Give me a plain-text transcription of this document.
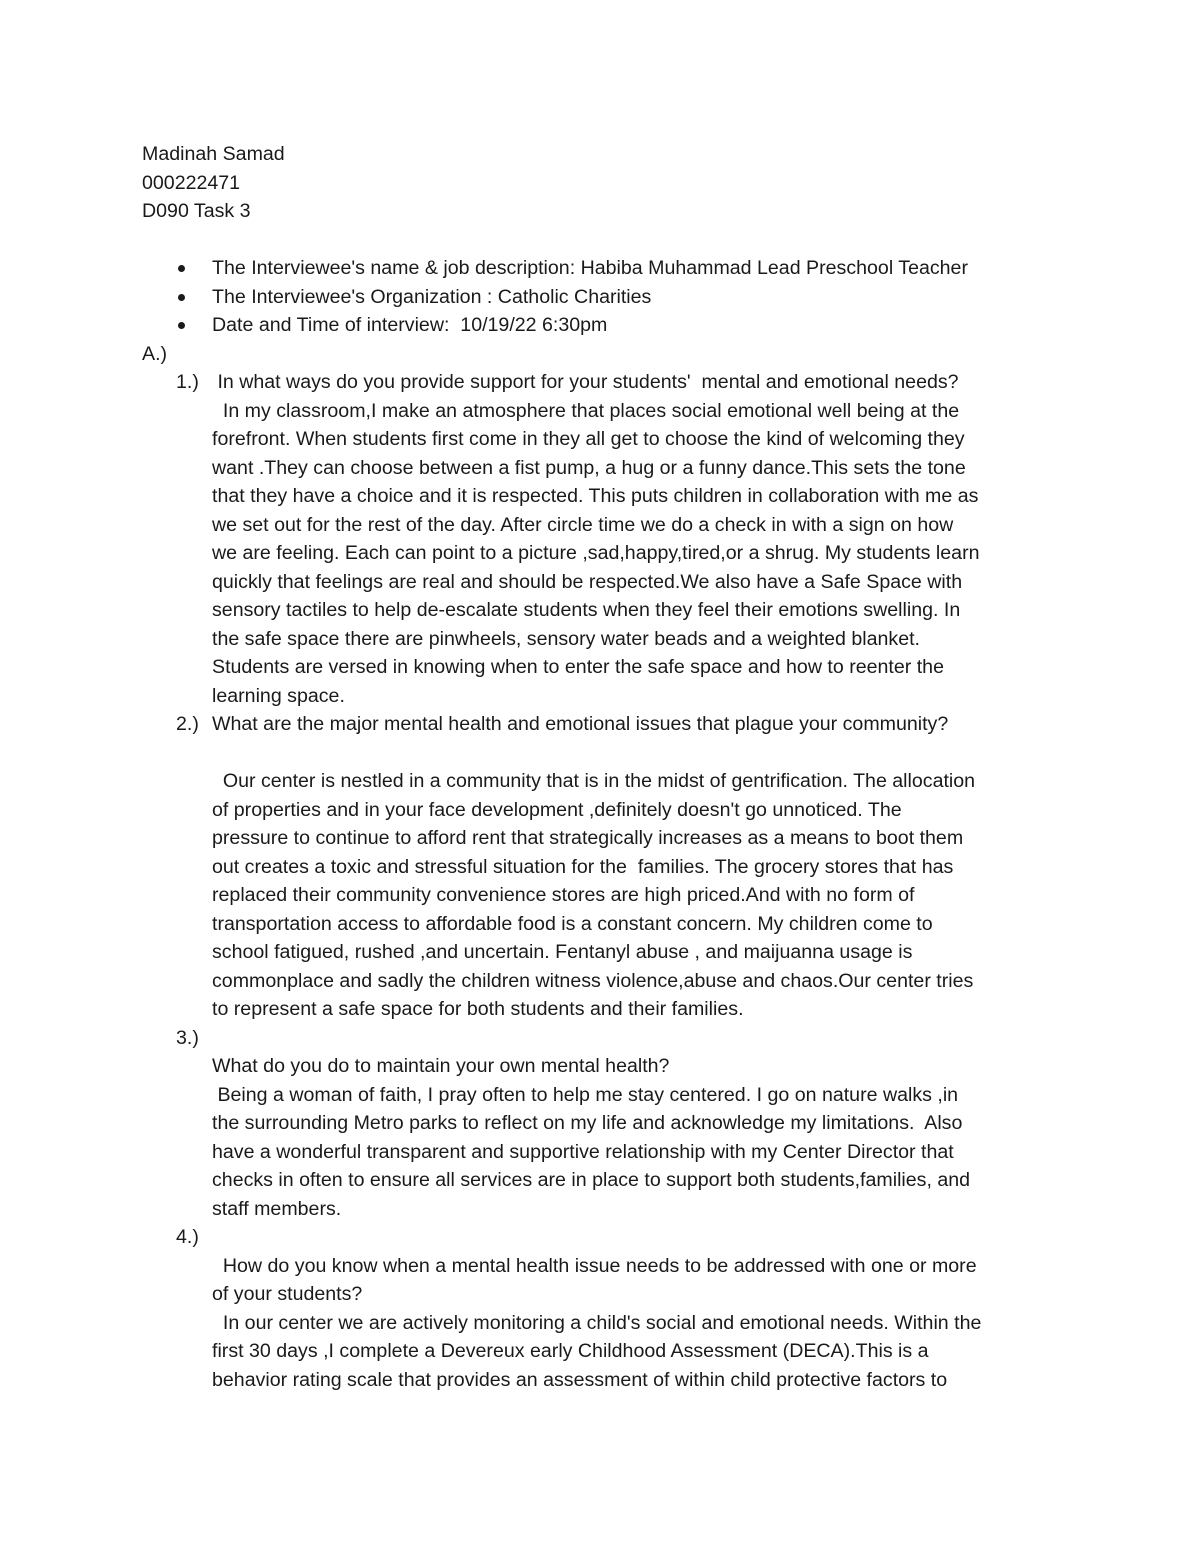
Madinah Samad

000222471

D090 Task 3

The Interviewee's name & job description: Habiba Muhammad Lead Preschool Teacher

The Interviewee's Organization : Catholic Charities

Date and Time of interview:  10/19/22 6:30pm

A.)

1.) In what ways do you provide support for your students'  mental and emotional needs?

In my classroom,I make an atmosphere that places social emotional well being at the

forefront. When students first come in they all get to choose the kind of welcoming they

want .They can choose between a fist pump, a hug or a funny dance.This sets the tone

that they have a choice and it is respected. This puts children in collaboration with me as

we set out for the rest of the day. After circle time we do a check in with a sign on how

we are feeling. Each can point to a picture ,sad,happy,tired,or a shrug. My students learn

quickly that feelings are real and should be respected.We also have a Safe Space with

sensory tactiles to help de-escalate students when they feel their emotions swelling. In

the safe space there are pinwheels, sensory water beads and a weighted blanket.

Students are versed in knowing when to enter the safe space and how to reenter the

learning space.

2.) What are the major mental health and emotional issues that plague your community?

Our center is nestled in a community that is in the midst of gentrification. The allocation

of properties and in your face development ,definitely doesn't go unnoticed. The

pressure to continue to afford rent that strategically increases as a means to boot them

out creates a toxic and stressful situation for the  families. The grocery stores that has

replaced their community convenience stores are high priced.And with no form of

transportation access to affordable food is a constant concern. My children come to

school fatigued, rushed ,and uncertain. Fentanyl abuse , and maijuanna usage is

commonplace and sadly the children witness violence,abuse and chaos.Our center tries

to represent a safe space for both students and their families.

3.)

What do you do to maintain your own mental health?

Being a woman of faith, I pray often to help me stay centered. I go on nature walks ,in

the surrounding Metro parks to reflect on my life and acknowledge my limitations.  Also

have a wonderful transparent and supportive relationship with my Center Director that

checks in often to ensure all services are in place to support both students,families, and

staff members.

4.)

How do you know when a mental health issue needs to be addressed with one or more

of your students?

In our center we are actively monitoring a child's social and emotional needs. Within the

first 30 days ,I complete a Devereux early Childhood Assessment (DECA).This is a

behavior rating scale that provides an assessment of within child protective factors to
